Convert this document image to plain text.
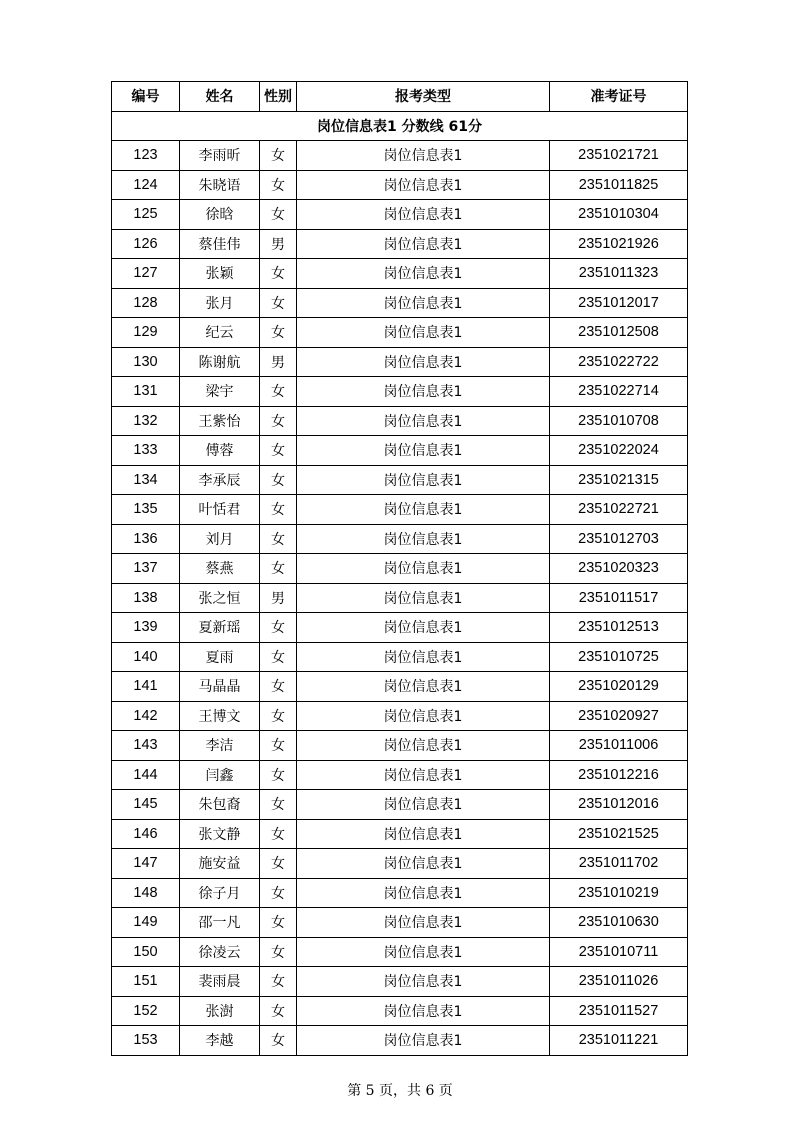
编号	姓名	性别	报考类型	准考证号
岗位信息表1 分数线 61分				
123	李雨昕	女	岗位信息表1	2351021721
124	朱晓语	女	岗位信息表1	2351011825
125	徐晗	女	岗位信息表1	2351010304
126	蔡佳伟	男	岗位信息表1	2351021926
127	张颖	女	岗位信息表1	2351011323
128	张月	女	岗位信息表1	2351012017
129	纪云	女	岗位信息表1	2351012508
130	陈谢航	男	岗位信息表1	2351022722
131	梁宇	女	岗位信息表1	2351022714
132	王紫怡	女	岗位信息表1	2351010708
133	傅蓉	女	岗位信息表1	2351022024
134	李承辰	女	岗位信息表1	2351021315
135	叶恬君	女	岗位信息表1	2351022721
136	刘月	女	岗位信息表1	2351012703
137	蔡燕	女	岗位信息表1	2351020323
138	张之恒	男	岗位信息表1	2351011517
139	夏新瑶	女	岗位信息表1	2351012513
140	夏雨	女	岗位信息表1	2351010725
141	马晶晶	女	岗位信息表1	2351020129
142	王博文	女	岗位信息表1	2351020927
143	李洁	女	岗位信息表1	2351011006
144	闫鑫	女	岗位信息表1	2351012216
145	朱包裔	女	岗位信息表1	2351012016
146	张文静	女	岗位信息表1	2351021525
147	施安益	女	岗位信息表1	2351011702
148	徐子月	女	岗位信息表1	2351010219
149	邵一凡	女	岗位信息表1	2351010630
150	徐凌云	女	岗位信息表1	2351010711
151	裴雨晨	女	岗位信息表1	2351011026
152	张澍	女	岗位信息表1	2351011527
153	李越	女	岗位信息表1	2351011221
第 5 页，共 6 页
